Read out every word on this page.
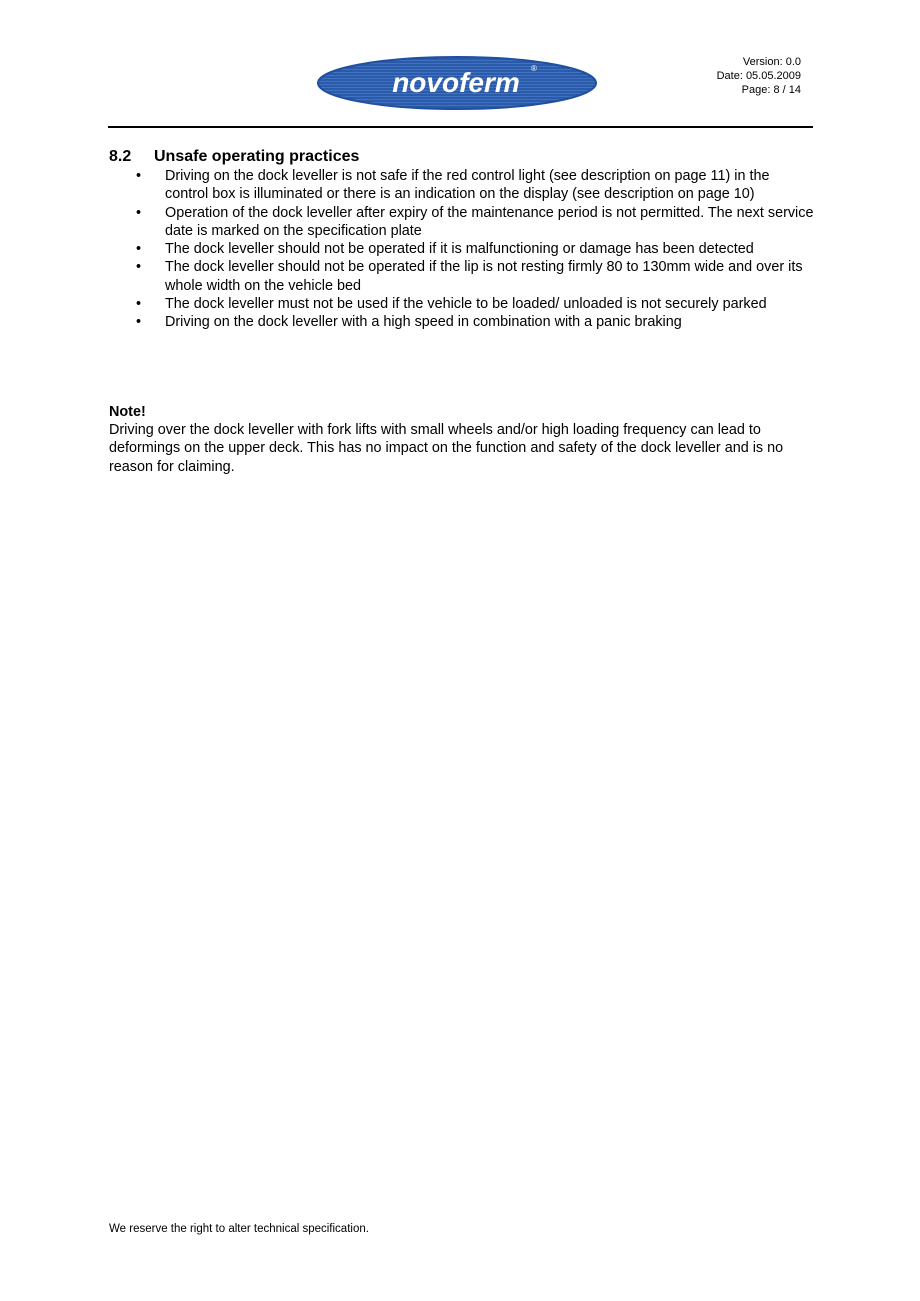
novoferm ®
Version: 0.0
Date: 05.05.2009
Page: 8 / 14
8.2 Unsafe operating practices
• Driving on the dock leveller is not safe if the red control light (see description on page 11) in the control box is illuminated or there is an indication on the display (see description on page 10)
• Operation of the dock leveller after expiry of the maintenance period is not permitted. The next service date is marked on the specification plate
• The dock leveller should not be operated if it is malfunctioning or damage has been detected
• The dock leveller should not be operated if the lip is not resting firmly 80 to 130mm wide and over its whole width on the vehicle bed
• The dock leveller must not be used if the vehicle to be loaded/ unloaded is not securely parked
• Driving on the dock leveller with a high speed in combination with a panic braking

Note!

Driving over the dock leveller with fork lifts with small wheels and/or high loading frequency can lead to deformings on the upper deck. This has no impact on the function and safety of the dock leveller and is no reason for claiming.

We reserve the right to alter technical specification.
